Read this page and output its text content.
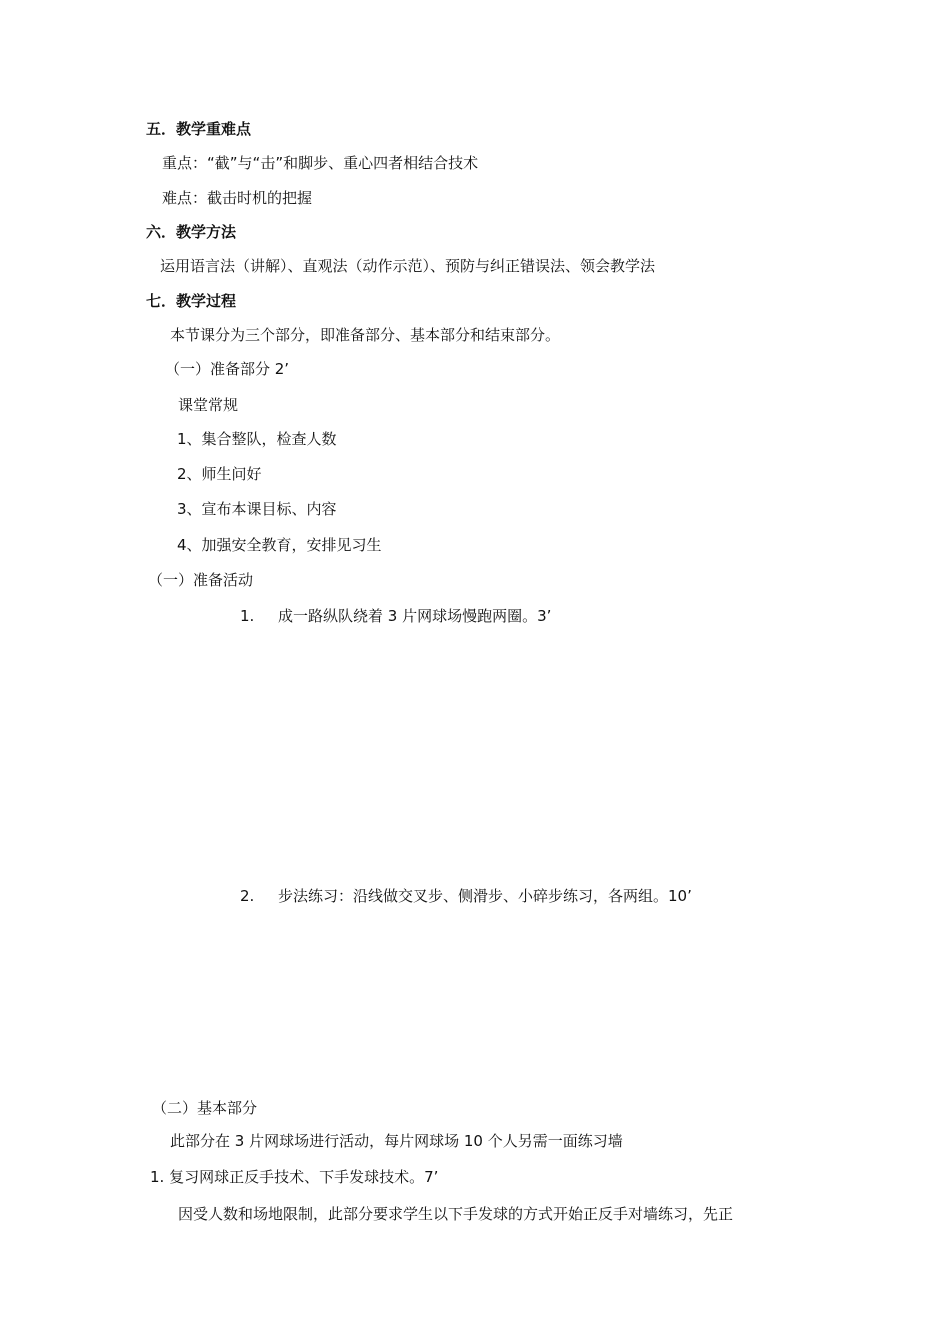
五．教学重难点
重点：“截”与“击”和脚步、重心四者相结合技术
难点：截击时机的把握
六．教学方法
运用语言法（讲解）、直观法（动作示范）、预防与纠正错误法、领会教学法
七．教学过程
本节课分为三个部分，即准备部分、基本部分和结束部分。
（一）准备部分 2’
课堂常规
1、集合整队，检查人数
2、师生问好
3、宣布本课目标、内容
4、加强安全教育，安排见习生
（一）准备活动
1. 成一路纵队绕着 3 片网球场慢跑两圈。3’
2. 步法练习：沿线做交叉步、侧滑步、小碎步练习，各两组。10’
（二）基本部分
此部分在 3 片网球场进行活动，每片网球场 10 个人另需一面练习墙
1. 复习网球正反手技术、下手发球技术。7’
因受人数和场地限制，此部分要求学生以下手发球的方式开始正反手对墙练习，先正
